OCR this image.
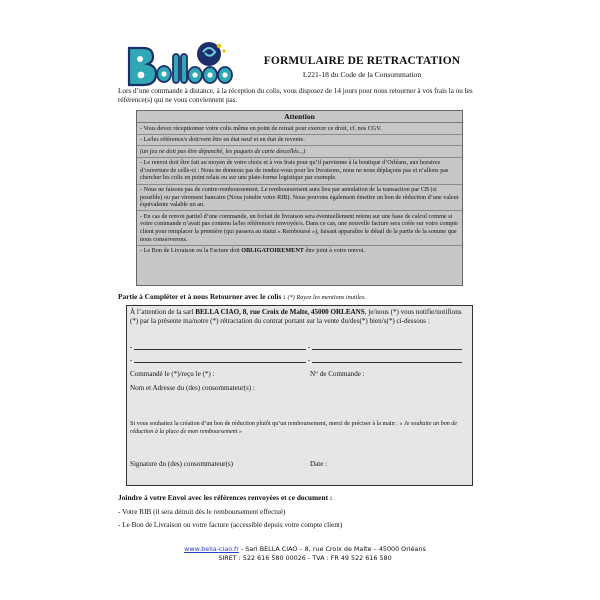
FORMULAIRE DE RETRACTATION
L221-18 du Code de la Consommation
Lors d’une commande à distance, à la réception du colis, vous disposez de 14 jours pour nous retourner à vos frais la ou les référence(s) qui ne vous conviennent pas.
Attention
- Vous devez réceptionner votre colis même en point de retrait pour exercer ce droit, cf. nos CGV.
- La/les référence/s doit/vent être en état neuf et en état de revente.
(un jeu ne doit pas être dépunché, les paquets de carte descellés...)
- Le renvoi doit être fait au moyen de votre choix et à vos frais pour qu’il parvienne à la boutique d’Orléans, aux horaires d’ouverture de celle-ci : Nous ne donnons pas de rendez-vous pour les livraisons, nous ne nous déplaçons pas et n’allons pas chercher les colis en point relais ou sur une plate-forme logistique par exemple.
- Nous ne faisons pas de contre-remboursement. Le remboursement aura lieu par annulation de la transaction par CB (si possible) ou par virement bancaire (Nous joindre votre RIB). Nous pouvons également émettre un bon de réduction d’une valeur équivalente valable un an.
- En cas de renvoi partiel d’une commande, un forfait de livraison sera éventuellement retenu sur une base de calcul comme si votre commande n’avait pas contenu la/les référence/s renvoyée/s. Dans ce cas, une nouvelle facture sera créée sur votre compte client pour remplacer la première (qui passera au statut « Remboursé »), faisant apparaître le détail de la partie de la somme que nous conserverons.
- Le Bon de Livraison ou la Facture doit OBLIGATOIREMENT être joint à votre renvoi.
Partie à Compléter et à nous Retourner avec le colis : (*) Rayez les mentions inutiles.
À l’attention de la sarl BELLA CIAO, 8, rue Croix de Malte, 45000 ORLEANS, je/nous (*) vous notifie/notifions (*) par la présente ma/notre (*) rétractation du contrat portant sur la vente du/des(*) bien/s(*) ci-dessous :
-	-
-	-
Commandé le (*)/reçu le (*) :	N° de Commande :
Nom et Adresse du (des) consommateur(s) :
Si vous souhaitez la création d’un bon de réduction plutôt qu’un remboursement, merci de préciser à la main : « Je souhaite un bon de réduction à la place de mon remboursement »
Signature du (des) consommateur(s)	Date :
Joindre à votre Envoi avec les références renvoyées et ce document :
- Votre RIB (il sera détruit dès le remboursement effectué)
- Le Bon de Livraison ou votre facture (accessible depuis votre compte client)
www.bella-ciao.fr - Sarl BELLA CIAO – 8, rue Croix de Malte – 45000 Orléans
SIRET : 522 616 580 00026 - TVA : FR 49 522 616 580
